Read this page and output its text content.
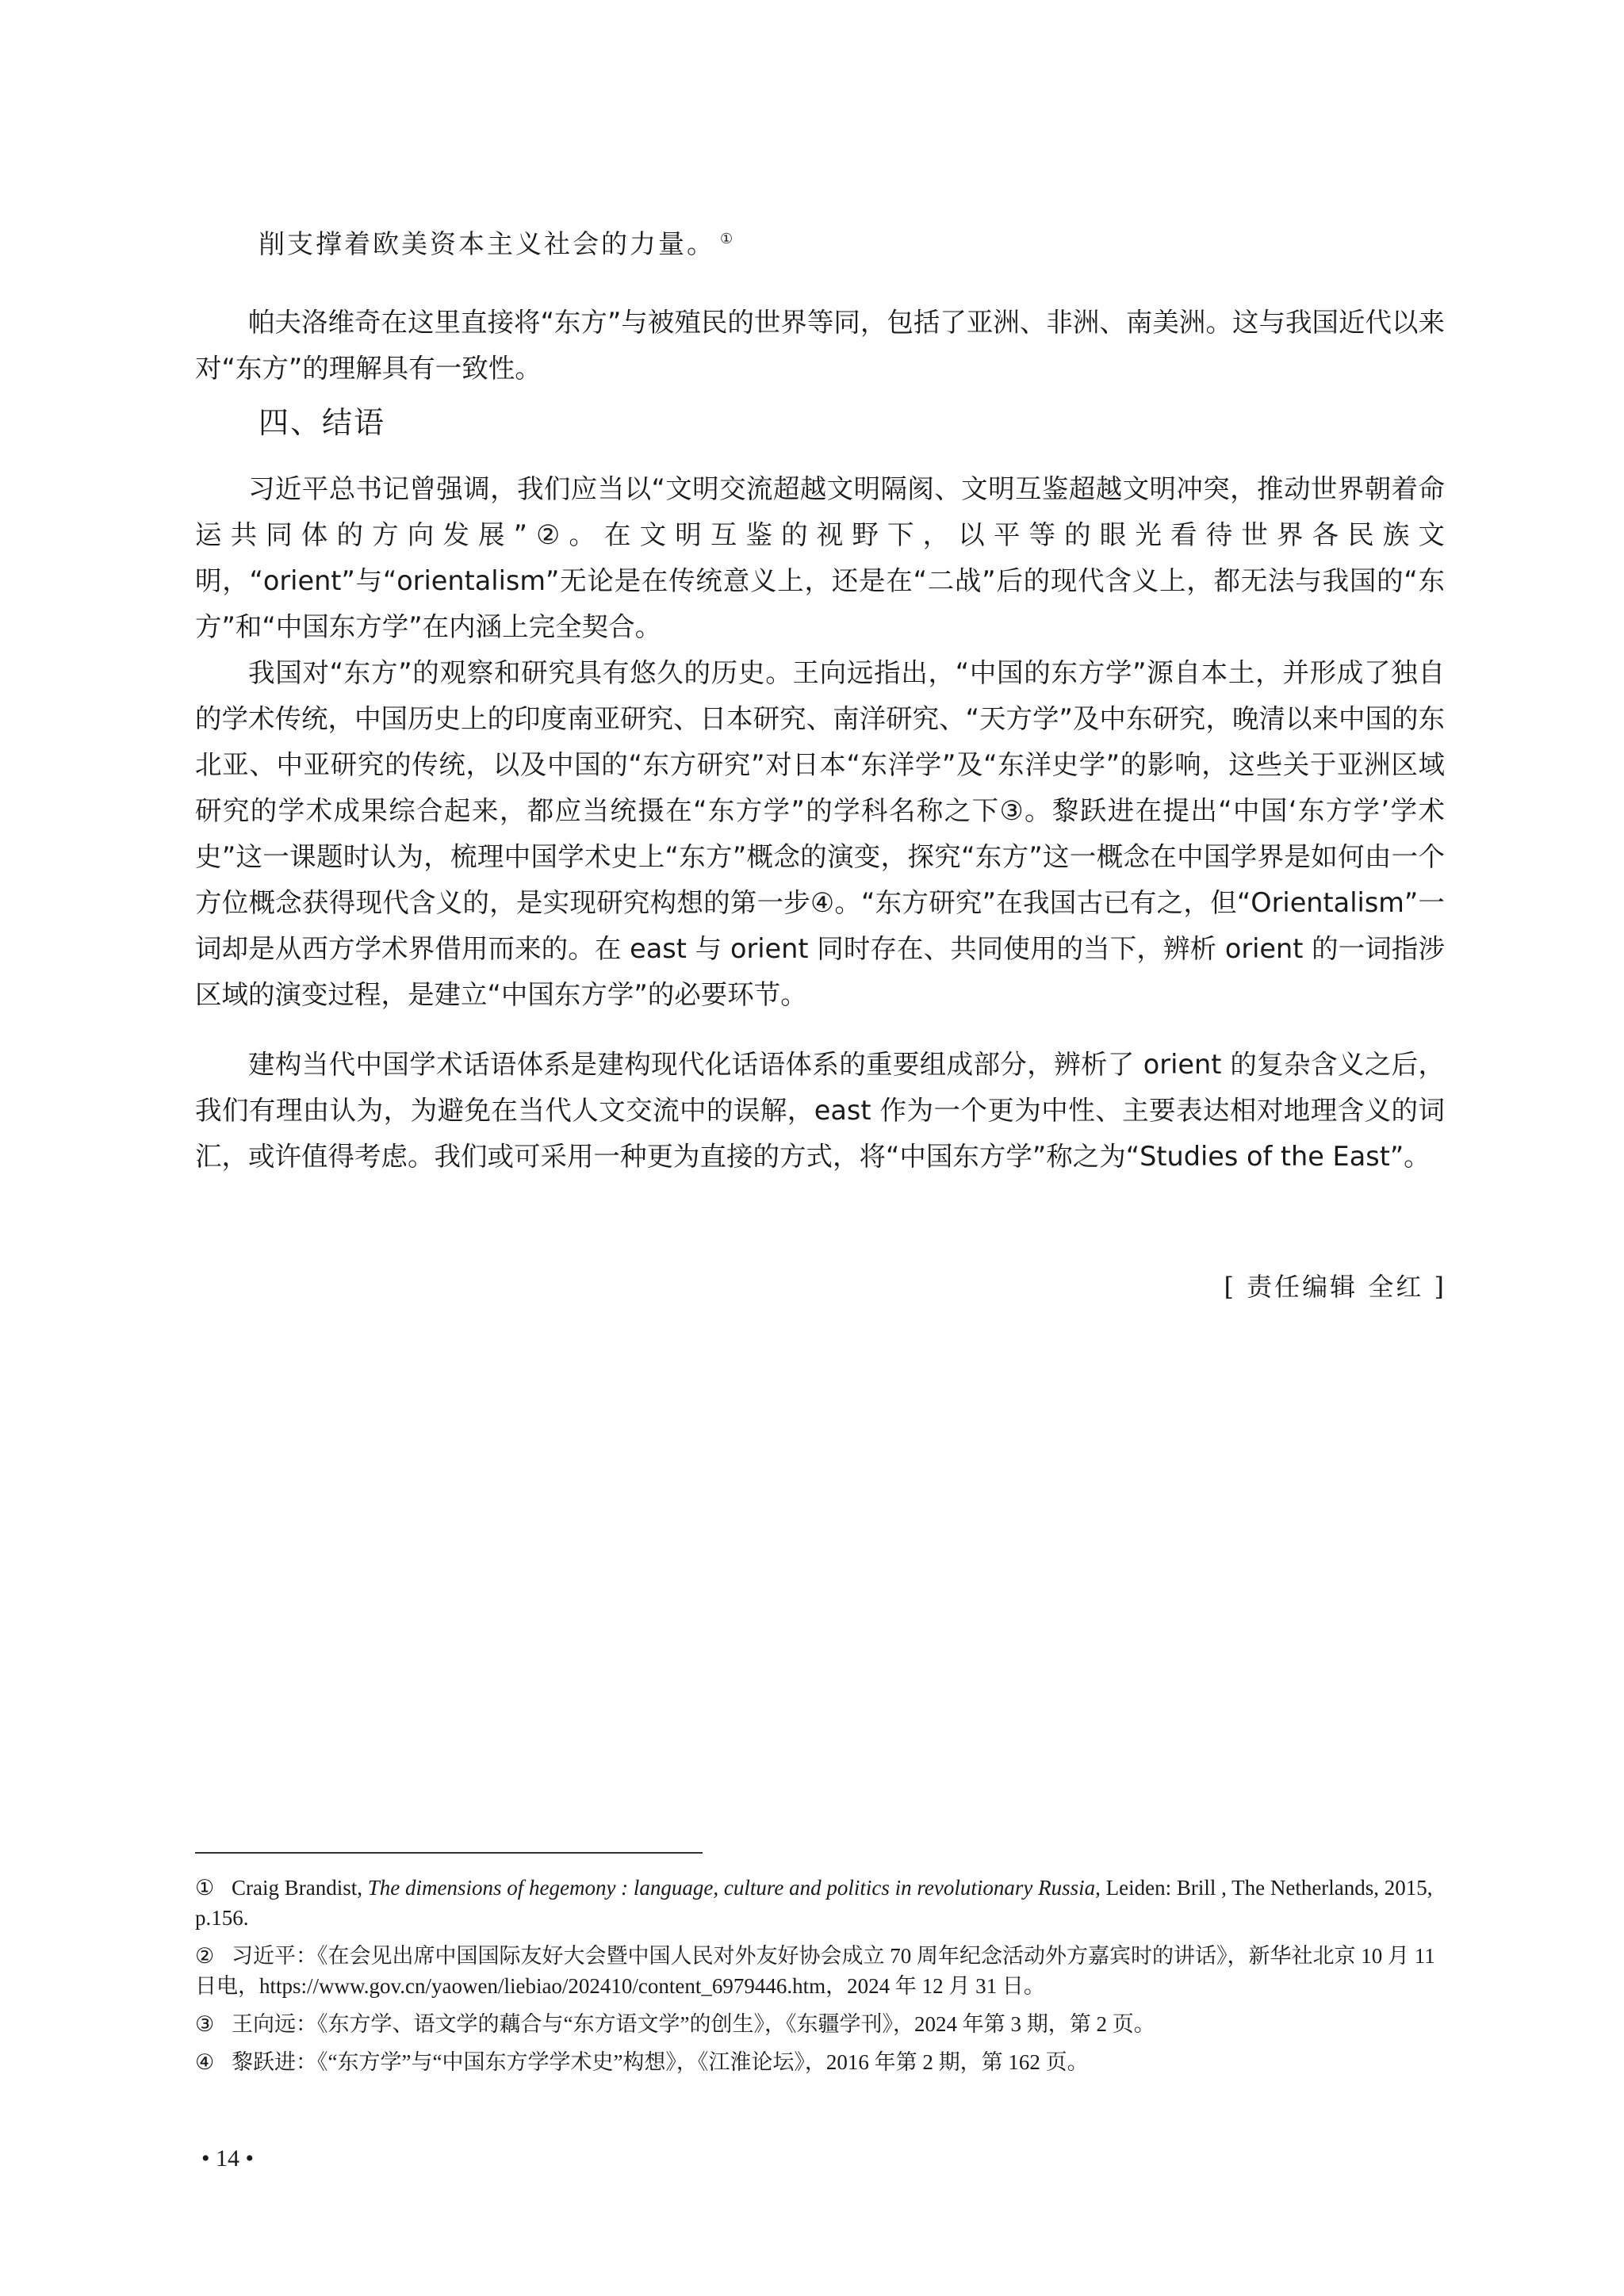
削支撑着欧美资本主义社会的力量。 ①

帕夫洛维奇在这里直接将“东方”与被殖民的世界等同，包括了亚洲、非洲、南美洲。这与我国近代以来对“东方”的理解具有一致性。

四、结语

习近平总书记曾强调，我们应当以“文明交流超越文明隔阂、文明互鉴超越文明冲突，推动世界朝着命运共同体的方向发展”②。在文明互鉴的视野下，以平等的眼光看待世界各民族文明，“orient”与“orientalism”无论是在传统意义上，还是在“二战”后的现代含义上，都无法与我国的“东方”和“中国东方学”在内涵上完全契合。

我国对“东方”的观察和研究具有悠久的历史。王向远指出，“中国的东方学”源自本土，并形成了独自的学术传统，中国历史上的印度南亚研究、日本研究、南洋研究、“天方学”及中东研究，晚清以来中国的东北亚、中亚研究的传统，以及中国的“东方研究”对日本“东洋学”及“东洋史学”的影响，这些关于亚洲区域研究的学术成果综合起来，都应当统摄在“东方学”的学科名称之下③。黎跃进在提出“中国‘东方学’学术史”这一课题时认为，梳理中国学术史上“东方”概念的演变，探究“东方”这一概念在中国学界是如何由一个方位概念获得现代含义的，是实现研究构想的第一步④。“东方研究”在我国古已有之，但“Orientalism”一词却是从西方学术界借用而来的。在 east 与 orient 同时存在、共同使用的当下，辨析 orient 的一词指涉区域的演变过程，是建立“中国东方学”的必要环节。

建构当代中国学术话语体系是建构现代化话语体系的重要组成部分，辨析了 orient 的复杂含义之后，我们有理由认为，为避免在当代人文交流中的误解，east 作为一个更为中性、主要表达相对地理含义的词汇，或许值得考虑。我们或可采用一种更为直接的方式，将“中国东方学”称之为“Studies of the East”。

[ 责任编辑 全红 ]

① Craig Brandist, The dimensions of hegemony : language, culture and politics in revolutionary Russia, Leiden: Brill , The Netherlands, 2015, p.156.

② 习近平：《在会见出席中国国际友好大会暨中国人民对外友好协会成立 70 周年纪念活动外方嘉宾时的讲话》，新华社北京 10 月 11 日电，https://www.gov.cn/yaowen/liebiao/202410/content_6979446.htm，2024 年 12 月 31 日。

③ 王向远：《东方学、语文学的藕合与“东方语文学”的创生》，《东疆学刊》，2024 年第 3 期，第 2 页。

④ 黎跃进：《“东方学”与“中国东方学学术史”构想》，《江淮论坛》，2016 年第 2 期，第 162 页。

• 14 •
